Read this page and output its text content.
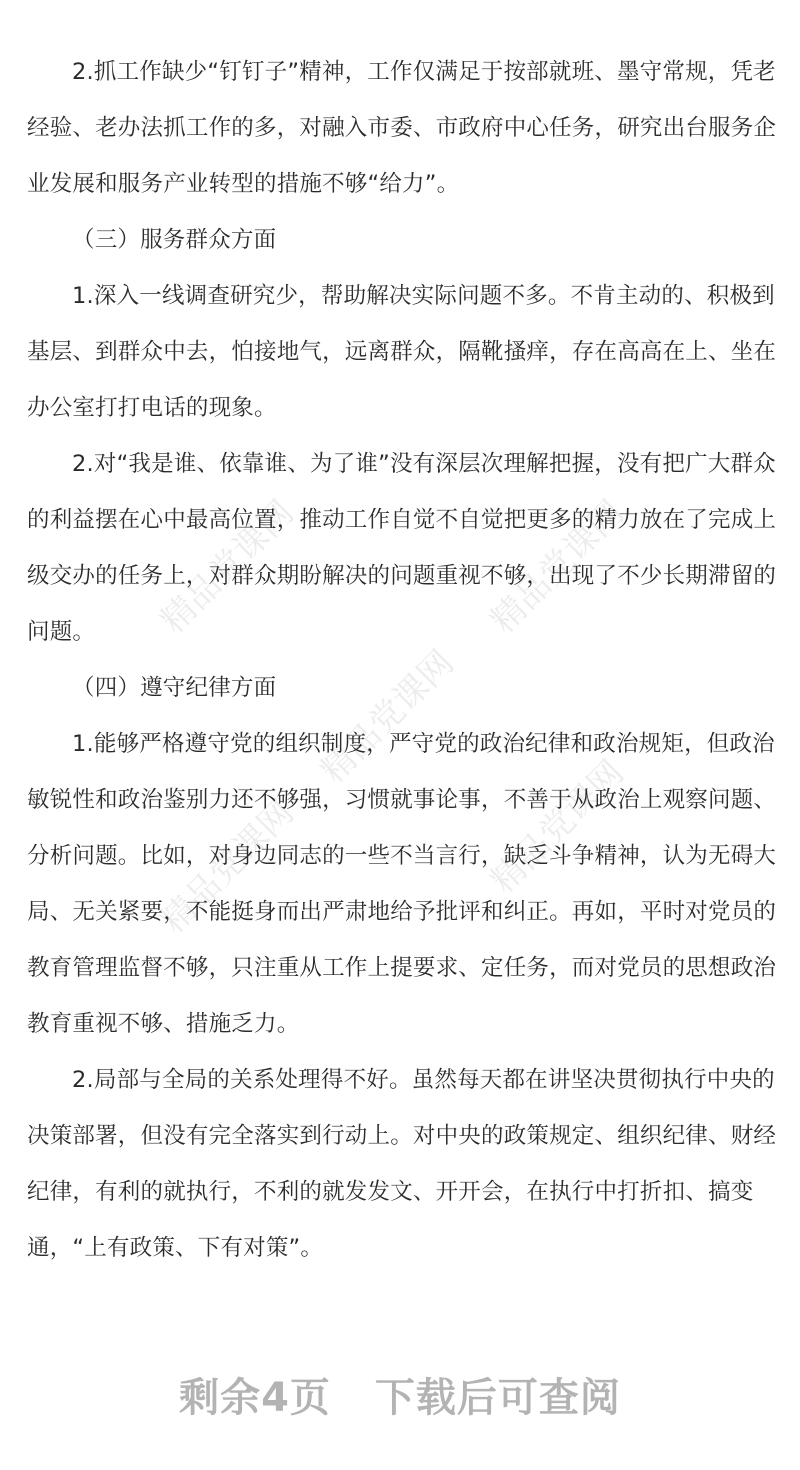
精品党课网	精品党课网
精品党课网
精品党课网	精品党课网

2.抓工作缺少“钉钉子”精神，工作仅满足于按部就班、墨守常规，凭老经验、老办法抓工作的多，对融入市委、市政府中心任务，研究出台服务企业发展和服务产业转型的措施不够“给力”。

（三）服务群众方面

1.深入一线调查研究少，帮助解决实际问题不多。不肯主动的、积极到基层、到群众中去，怕接地气，远离群众，隔靴搔痒，存在高高在上、坐在办公室打打电话的现象。

2.对“我是谁、依靠谁、为了谁”没有深层次理解把握，没有把广大群众的利益摆在心中最高位置，推动工作自觉不自觉把更多的精力放在了完成上级交办的任务上，对群众期盼解决的问题重视不够，出现了不少长期滞留的问题。

（四）遵守纪律方面

1.能够严格遵守党的组织制度，严守党的政治纪律和政治规矩，但政治敏锐性和政治鉴别力还不够强，习惯就事论事，不善于从政治上观察问题、分析问题。比如，对身边同志的一些不当言行，缺乏斗争精神，认为无碍大局、无关紧要，不能挺身而出严肃地给予批评和纠正。再如，平时对党员的教育管理监督不够，只注重从工作上提要求、定任务，而对党员的思想政治教育重视不够、措施乏力。

2.局部与全局的关系处理得不好。虽然每天都在讲坚决贯彻执行中央的决策部署，但没有完全落实到行动上。对中央的政策规定、组织纪律、财经纪律，有利的就执行，不利的就发发文、开开会，在执行中打折扣、搞变通，“上有政策、下有对策”。

剩余4页 下载后可查阅
